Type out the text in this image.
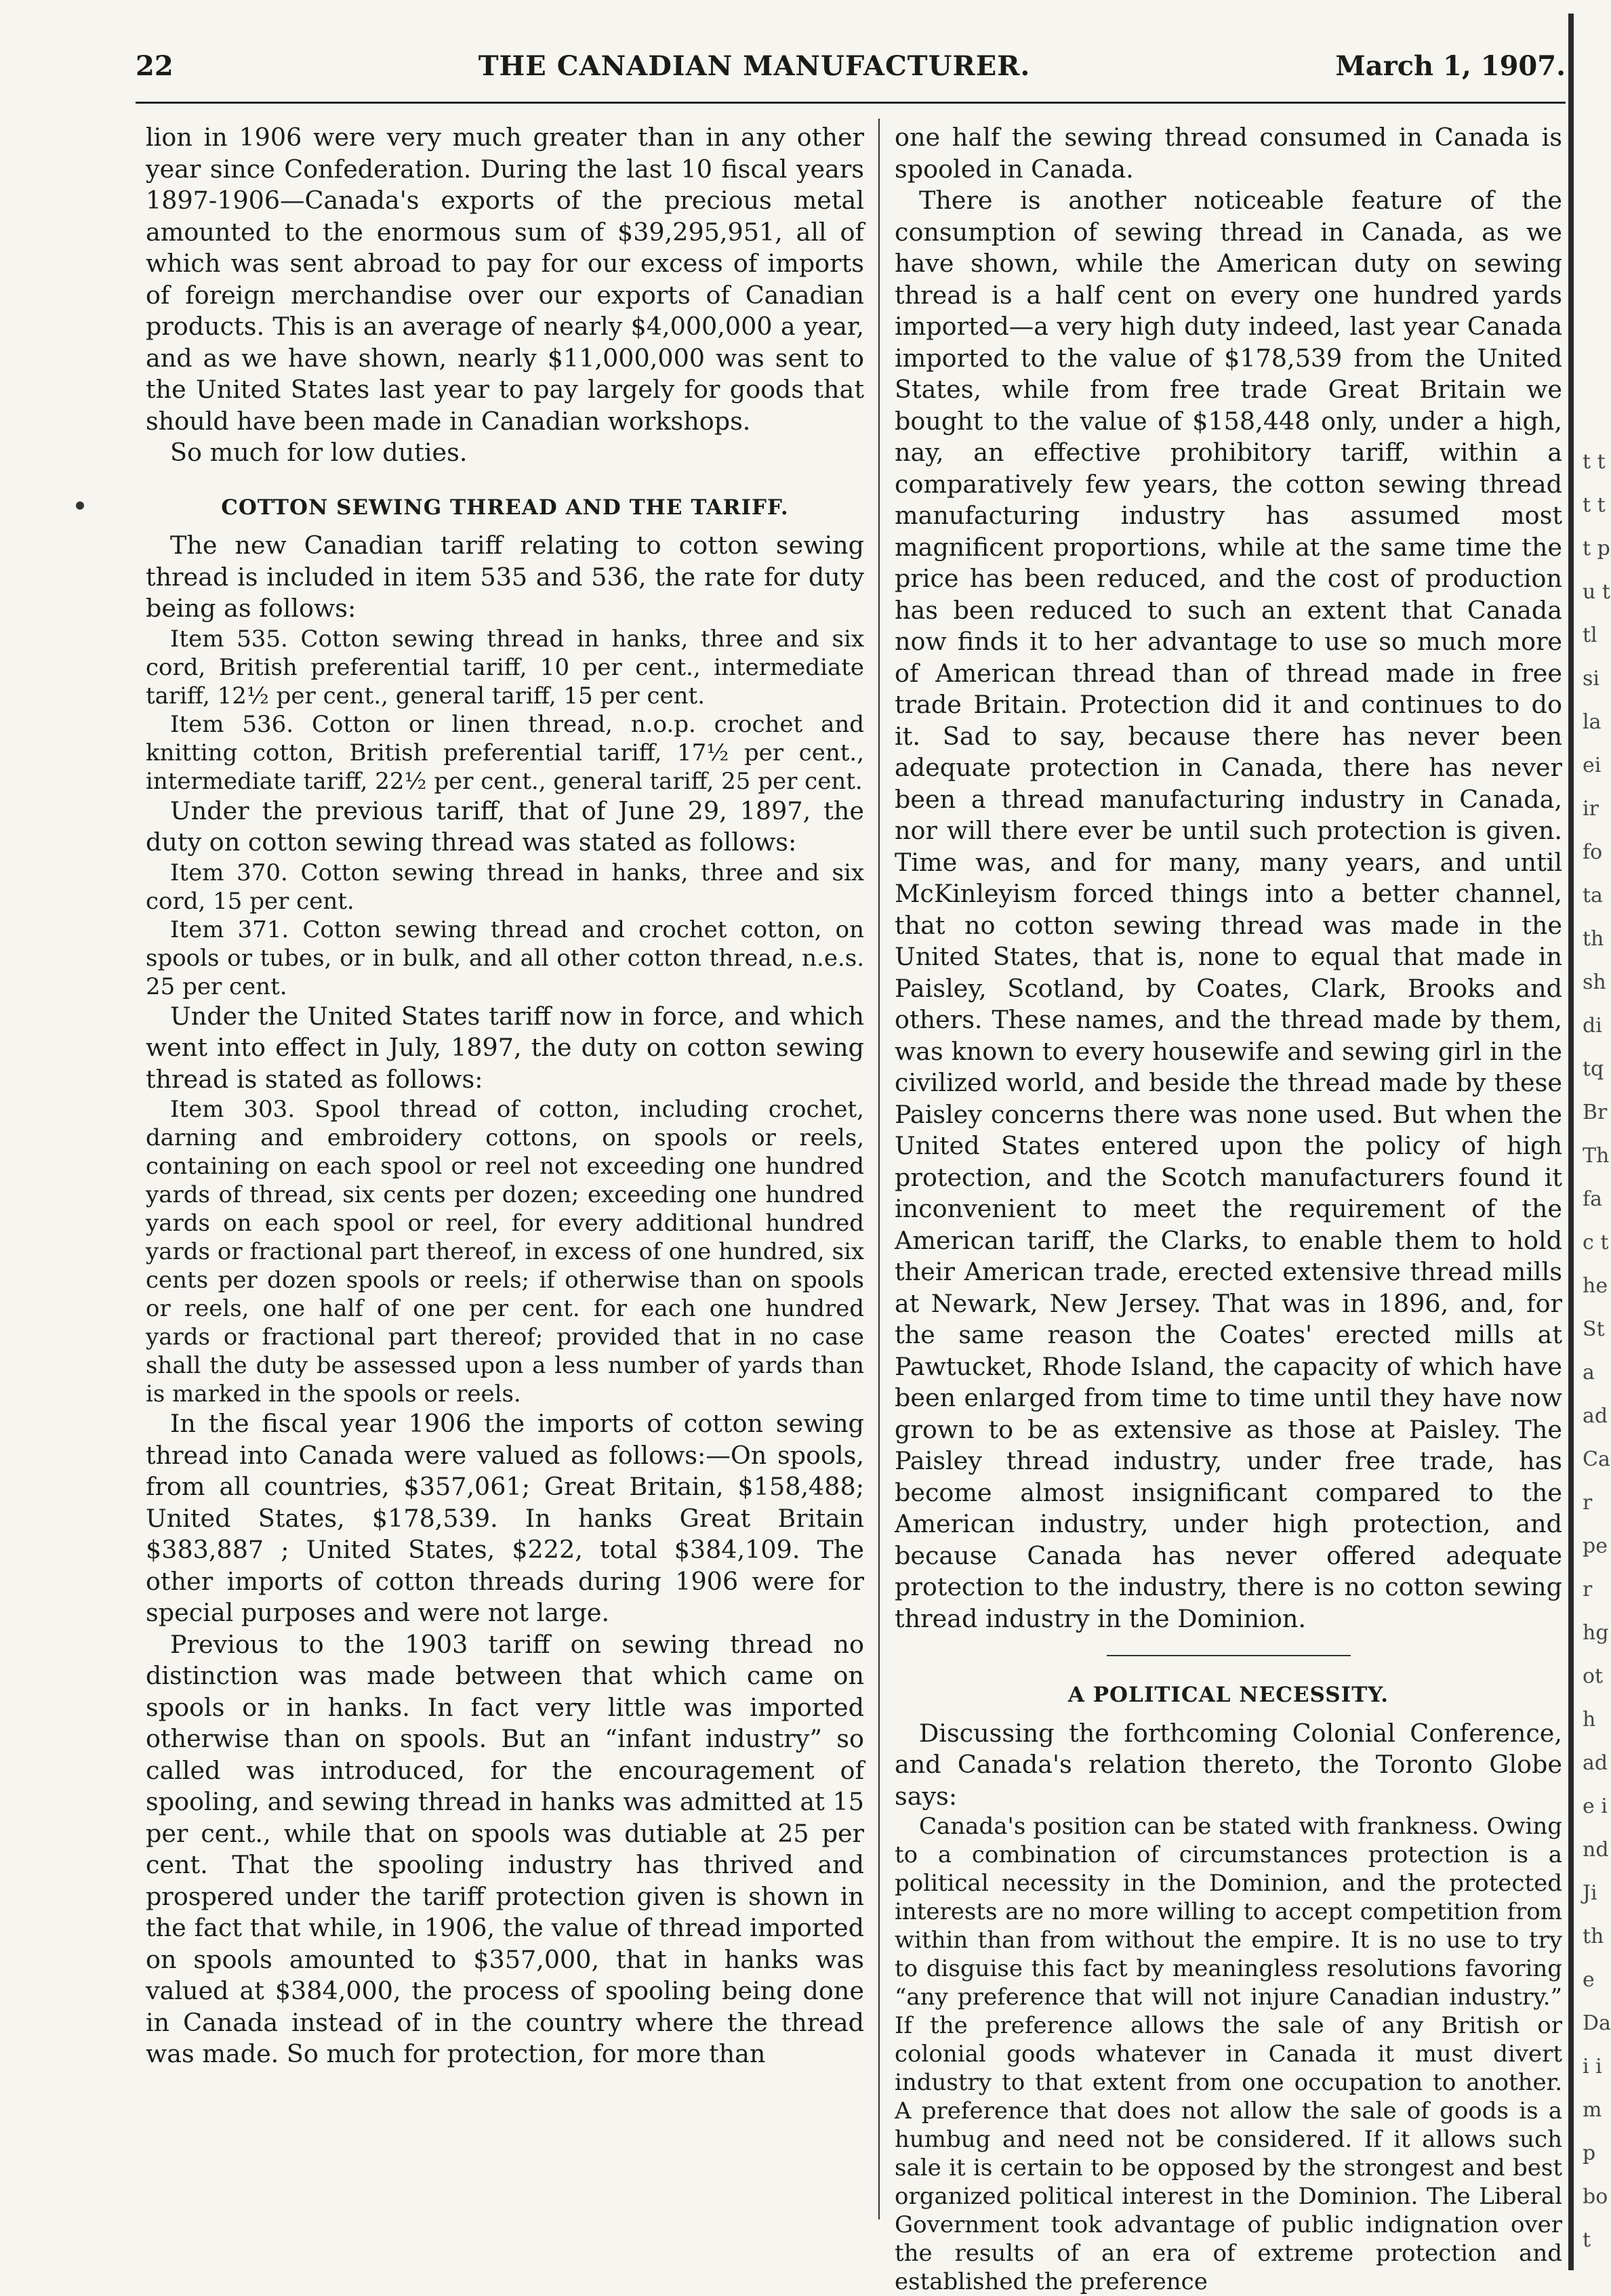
22	THE CANADIAN MANUFACTURER.	March 1, 1907.

lion in 1906 were very much greater than in any other year since Confederation. During the last 10 fiscal years 1897-1906—Canada's exports of the precious metal amounted to the enormous sum of $39,295,951, all of which was sent abroad to pay for our excess of imports of foreign merchandise over our exports of Canadian products. This is an average of nearly $4,000,000 a year, and as we have shown, nearly $11,000,000 was sent to the United States last year to pay largely for goods that should have been made in Canadian workshops.

So much for low duties.

COTTON SEWING THREAD AND THE TARIFF.

The new Canadian tariff relating to cotton sewing thread is included in item 535 and 536, the rate for duty being as follows:

Item 535. Cotton sewing thread in hanks, three and six cord, British preferential tariff, 10 per cent., intermediate tariff, 12½ per cent., general tariff, 15 per cent.

Item 536. Cotton or linen thread, n.o.p. crochet and knitting cotton, British preferential tariff, 17½ per cent., intermediate tariff, 22½ per cent., general tariff, 25 per cent.

Under the previous tariff, that of June 29, 1897, the duty on cotton sewing thread was stated as follows:

Item 370. Cotton sewing thread in hanks, three and six cord, 15 per cent.

Item 371. Cotton sewing thread and crochet cotton, on spools or tubes, or in bulk, and all other cotton thread, n.e.s. 25 per cent.

Under the United States tariff now in force, and which went into effect in July, 1897, the duty on cotton sewing thread is stated as follows:

Item 303. Spool thread of cotton, including crochet, darning and embroidery cottons, on spools or reels, containing on each spool or reel not exceeding one hundred yards of thread, six cents per dozen; exceeding one hundred yards on each spool or reel, for every additional hundred yards or fractional part thereof, in excess of one hundred, six cents per dozen spools or reels; if otherwise than on spools or reels, one half of one per cent. for each one hundred yards or fractional part thereof; provided that in no case shall the duty be assessed upon a less number of yards than is marked in the spools or reels.

In the fiscal year 1906 the imports of cotton sewing thread into Canada were valued as follows:—On spools, from all countries, $357,061; Great Britain, $158,488; United States, $178,539. In hanks Great Britain $383,887 ; United States, $222, total $384,109. The other imports of cotton threads during 1906 were for special purposes and were not large.

Previous to the 1903 tariff on sewing thread no distinction was made between that which came on spools or in hanks. In fact very little was imported otherwise than on spools. But an “infant industry” so called was introduced, for the encouragement of spooling, and sewing thread in hanks was admitted at 15 per cent., while that on spools was dutiable at 25 per cent. That the spooling industry has thrived and prospered under the tariff protection given is shown in the fact that while, in 1906, the value of thread imported on spools amounted to $357,000, that in hanks was valued at $384,000, the process of spooling being done in Canada instead of in the country where the thread was made. So much for protection, for more than

one half the sewing thread consumed in Canada is spooled in Canada.

There is another noticeable feature of the consumption of sewing thread in Canada, as we have shown, while the American duty on sewing thread is a half cent on every one hundred yards imported—a very high duty indeed, last year Canada imported to the value of $178,539 from the United States, while from free trade Great Britain we bought to the value of $158,448 only, under a high, nay, an effective prohibitory tariff, within a comparatively few years, the cotton sewing thread manufacturing industry has assumed most magnificent proportions, while at the same time the price has been reduced, and the cost of production has been reduced to such an extent that Canada now finds it to her advantage to use so much more of American thread than of thread made in free trade Britain. Protection did it and continues to do it. Sad to say, because there has never been adequate protection in Canada, there has never been a thread manufacturing industry in Canada, nor will there ever be until such protection is given. Time was, and for many, many years, and until McKinleyism forced things into a better channel, that no cotton sewing thread was made in the United States, that is, none to equal that made in Paisley, Scotland, by Coates, Clark, Brooks and others. These names, and the thread made by them, was known to every housewife and sewing girl in the civilized world, and beside the thread made by these Paisley concerns there was none used. But when the United States entered upon the policy of high protection, and the Scotch manufacturers found it inconvenient to meet the requirement of the American tariff, the Clarks, to enable them to hold their American trade, erected extensive thread mills at Newark, New Jersey. That was in 1896, and, for the same reason the Coates' erected mills at Pawtucket, Rhode Island, the capacity of which have been enlarged from time to time until they have now grown to be as extensive as those at Paisley. The Paisley thread industry, under free trade, has become almost insignificant compared to the American industry, under high protection, and because Canada has never offered adequate protection to the industry, there is no cotton sewing thread industry in the Dominion.

A POLITICAL NECESSITY.

Discussing the forthcoming Colonial Conference, and Canada's relation thereto, the Toronto Globe says:

Canada's position can be stated with frankness. Owing to a combination of circumstances protection is a political necessity in the Dominion, and the protected interests are no more willing to accept competition from within than from without the empire. It is no use to try to disguise this fact by meaningless resolutions favoring “any preference that will not injure Canadian industry.” If the preference allows the sale of any British or colonial goods whatever in Canada it must divert industry to that extent from one occupation to another. A preference that does not allow the sale of goods is a humbug and need not be considered. If it allows such sale it is certain to be opposed by the strongest and best organized political interest in the Dominion. The Liberal Government took advantage of public indignation over the results of an era of extreme protection and established the preference

t t t t t p u t tl si la ei ir fo ta th sh di tq Br Th fac the Sta ad Car per hg oth ade ind Ji the Dai imp bo t
